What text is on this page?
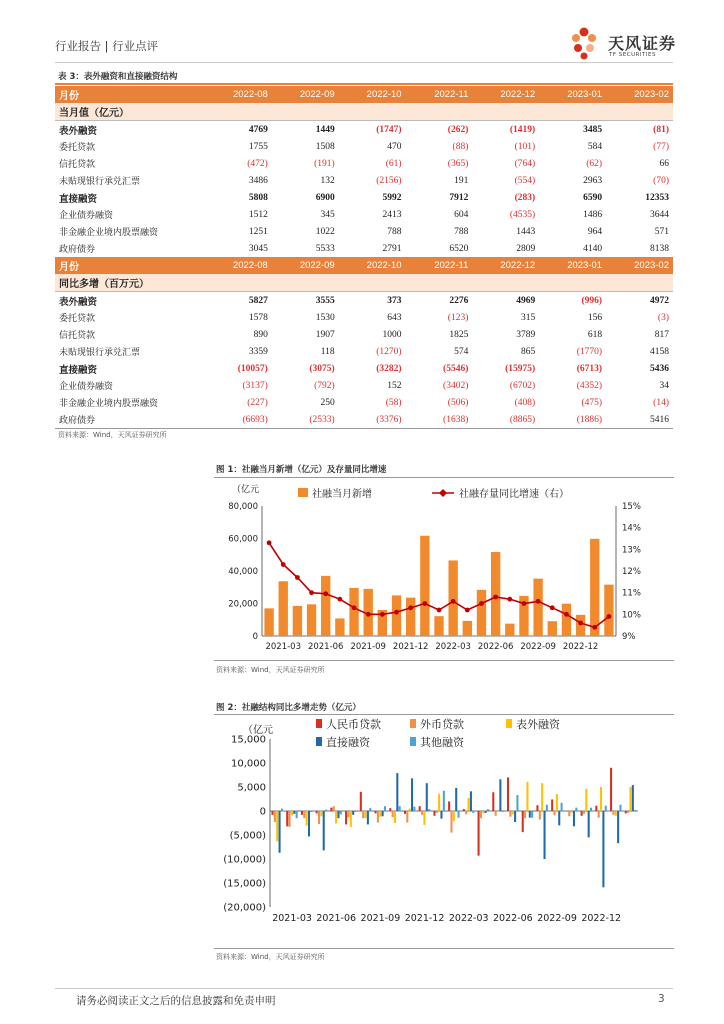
行业报告 | 行业点评	天风证券
TF SECURITIES
表 3：表外融资和直接融资结构
月份	2022-08	2022-09	2022-10	2022-11	2022-12	2023-01	2023-02
当月值（亿元）							
表外融资	4769	1449	(1747)	(262)	(1419)	3485	(81)
委托贷款	1755	1508	470	(88)	(101)	584	(77)
信托贷款	(472)	(191)	(61)	(365)	(764)	(62)	66
未贴现银行承兑汇票	3486	132	(2156)	191	(554)	2963	(70)
直接融资	5808	6900	5992	7912	(283)	6590	12353
企业债券融资	1512	345	2413	604	(4535)	1486	3644
非金融企业境内股票融资	1251	1022	788	788	1443	964	571
政府债券	3045	5533	2791	6520	2809	4140	8138
月份	2022-08	2022-09	2022-10	2022-11	2022-12	2023-01	2023-02
同比多增（百万元）							
表外融资	5827	3555	373	2276	4969	(996)	4972
委托贷款	1578	1530	643	(123)	315	156	(3)
信托贷款	890	1907	1000	1825	3789	618	817
未贴现银行承兑汇票	3359	118	(1270)	574	865	(1770)	4158
直接融资	(10057)	(3075)	(3282)	(5546)	(15975)	(6713)	5436
企业债券融资	(3137)	(792)	152	(3402)	(6702)	(4352)	34
非金融企业境内股票融资	(227)	250	(58)	(506)	(408)	(475)	(14)
政府债券	(6693)	(2533)	(3376)	(1638)	(8865)	(1886)	5416
资料来源：Wind，天风证券研究所
图 1：社融当月新增（亿元）及存量同比增速
0
20,000
40,000
60,000
80,000
9%
10%
11%
12%
13%
14%
15%
（亿元
2021-03 2021-06 2021-09 2021-12 2022-03 2022-06 2022-09 2022-12
社融当月新增	社融存量同比增速（右）
资料来源：Wind，天风证券研究所
图 2：社融结构同比多增走势（亿元）
(20,000)
(15,000)
(10,000)
(5,000)
0
5,000
10,000
15,000
（亿元
2021-03 2021-06 2021-09 2021-12 2022-03 2022-06 2022-09 2022-12
人民币贷款	外币贷款	表外融资
直接融资	其他融资
资料来源：Wind，天风证券研究所
请务必阅读正文之后的信息披露和免责申明	3
